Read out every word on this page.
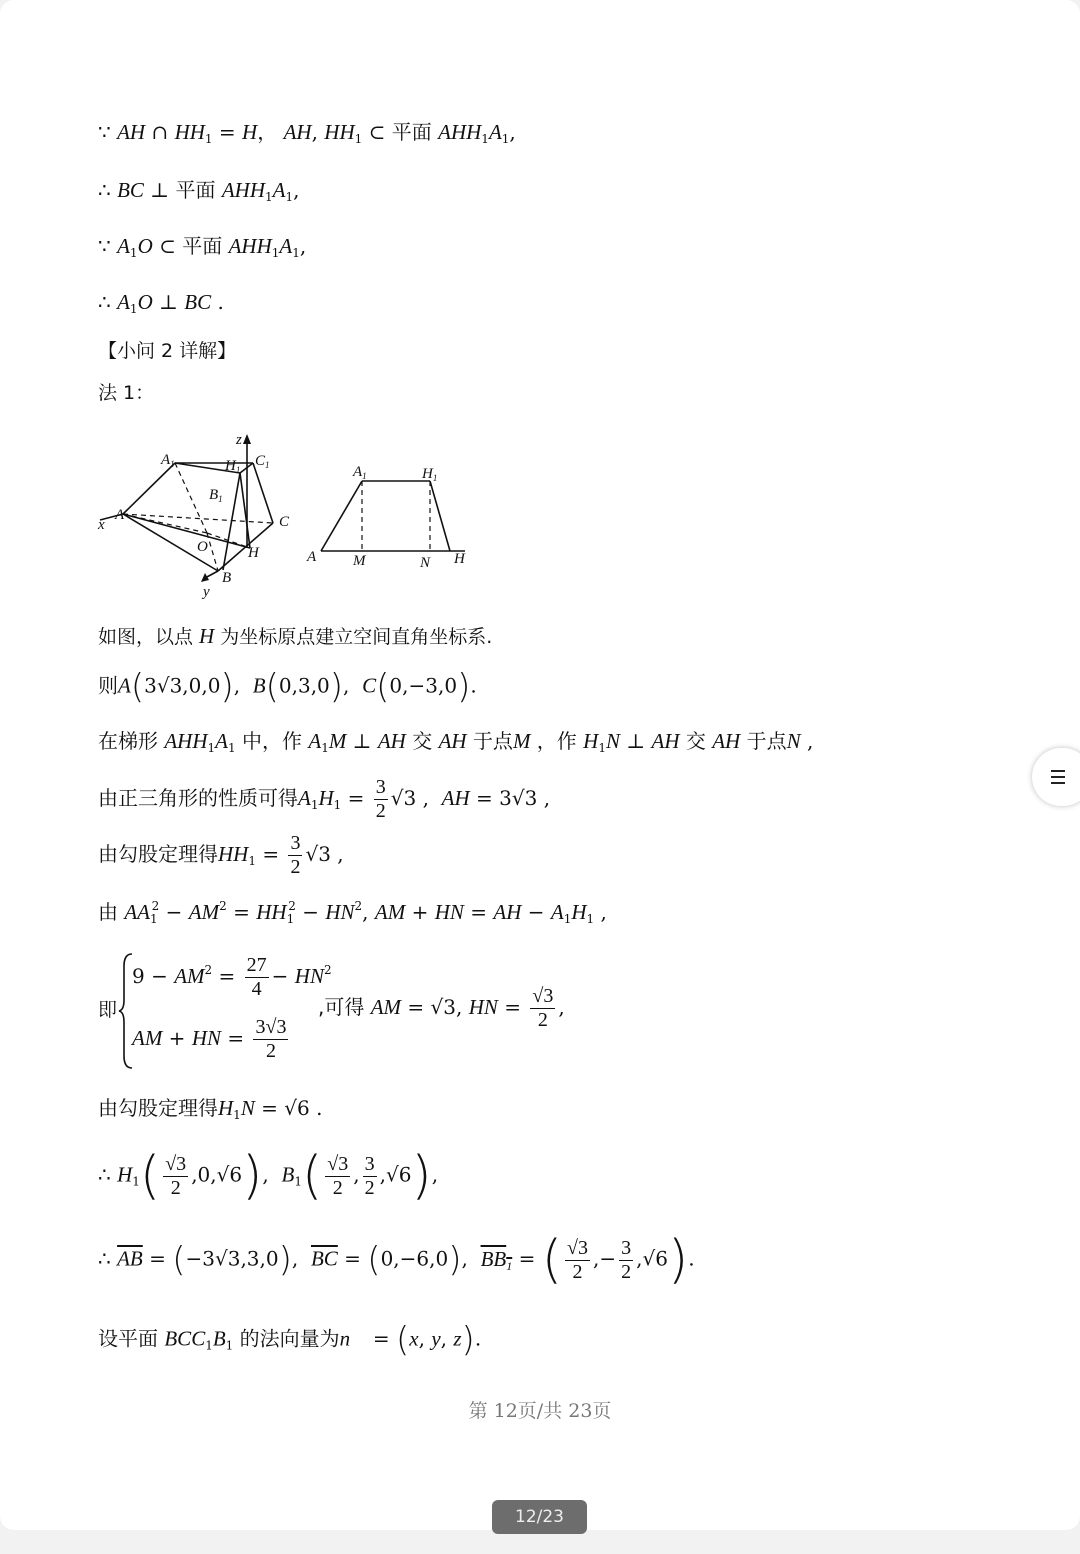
∵ AH ∩ $HH_1 = H$， AH, $HH_1$ ⊂ 平面 $AHH_1A_1$,
∴ BC ⊥ 平面 $AHH_1A_1$,
∵ $A_1O$ ⊂ 平面 $AHH_1A_1$,
∴ $A_1O$ ⊥ BC .
【小问 2 详解】
法 1：
$A_1$	$H_1$
$C_1$
$B_1$
A
x	C
O	H
B
y
z
$A_1$	$H_1$
A M	N H
如图，以点 H 为坐标原点建立空间直角坐标系.
则A(3√3,0,0),  B(0,3,0),  C(0,−3,0).
在梯形 $AHH_1A_1$ 中，作 $A_1M$ ⊥ AH 交 AH 于点M ，作 $H_1N$ ⊥ AH 交 AH 于点N ,
由正三角形的性质可得$A_1H_1 = \frac{3}{2} √3$ ,  AH = 3√3 ,
由勾股定理得$HH_1 = \frac{3}{2} √3$ ,
由 $AA_1^2 - AM^2 = HH_1^2 - HN^2$, AM + HN = AH − $A_1H_1$ ,
即
$9 - AM^2 = \frac{27}{4} - HN^2$
AM + HN = $\frac{3√3}{2}$
,可得 AM = √3, HN = $\frac{√3}{2}$ ,
由勾股定理得$H_1N = √6$ .
∴ $H_1( \frac{√3}{2} ,0,√6)$,  $B_1( \frac{√3}{2}$ , $\frac{3}{2} ,√6$),
∴ $\overline{AB} = (-3√3,3,0)$,  $\overline{BC} = (0,-6,0)$,  $BB_1$ = ( $\frac{√3}{2}$ ,− $\frac{3}{2} ,√6$).
设平面 $BCC_1B_1$ 的法向量为n⃗ = (x, y, z).
第 12页/共 23页
12/23
